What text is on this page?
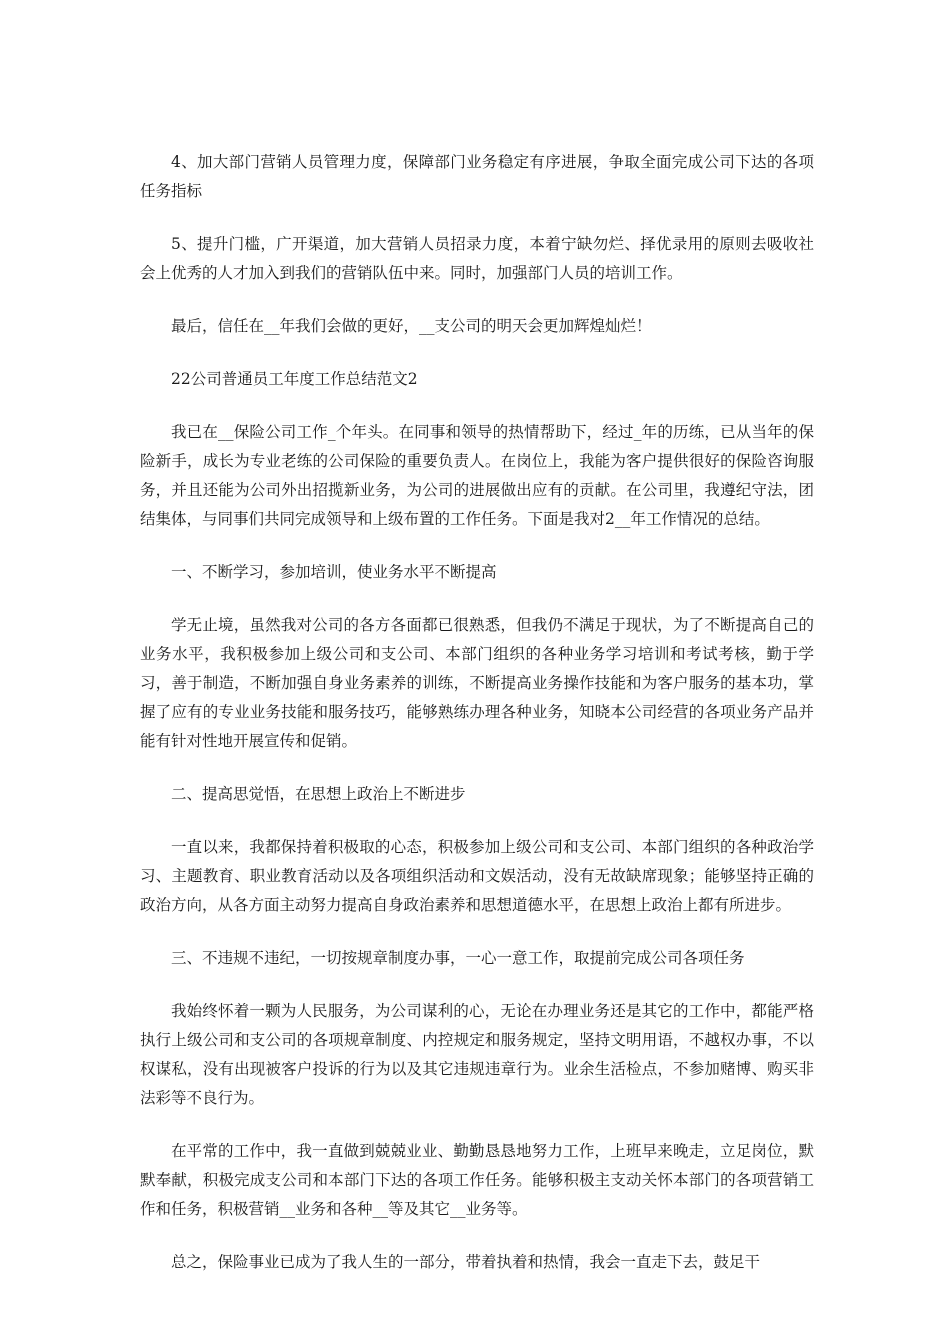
4、加大部门营销人员管理力度，保障部门业务稳定有序进展，争取全面完成公司下达的各项任务指标

5、提升门槛，广开渠道，加大营销人员招录力度，本着宁缺勿烂、择优录用的原则去吸收社会上优秀的人才加入到我们的营销队伍中来。同时，加强部门人员的培训工作。

最后，信任在__年我们会做的更好，__支公司的明天会更加辉煌灿烂！

22公司普通员工年度工作总结范文2

我已在__保险公司工作_个年头。在同事和领导的热情帮助下，经过_年的历练，已从当年的保险新手，成长为专业老练的公司保险的重要负责人。在岗位上，我能为客户提供很好的保险咨询服务，并且还能为公司外出招揽新业务，为公司的进展做出应有的贡献。在公司里，我遵纪守法，团结集体，与同事们共同完成领导和上级布置的工作任务。下面是我对2__年工作情况的总结。

一、不断学习，参加培训，使业务水平不断提高

学无止境，虽然我对公司的各方各面都已很熟悉，但我仍不满足于现状，为了不断提高自己的业务水平，我积极参加上级公司和支公司、本部门组织的各种业务学习培训和考试考核，勤于学习，善于制造，不断加强自身业务素养的训练，不断提高业务操作技能和为客户服务的基本功，掌握了应有的专业业务技能和服务技巧，能够熟练办理各种业务，知晓本公司经营的各项业务产品并能有针对性地开展宣传和促销。

二、提高思觉悟，在思想上政治上不断进步

一直以来，我都保持着积极取的心态，积极参加上级公司和支公司、本部门组织的各种政治学习、主题教育、职业教育活动以及各项组织活动和文娱活动，没有无故缺席现象；能够坚持正确的政治方向，从各方面主动努力提高自身政治素养和思想道德水平，在思想上政治上都有所进步。

三、不违规不违纪，一切按规章制度办事，一心一意工作，取提前完成公司各项任务

我始终怀着一颗为人民服务，为公司谋利的心，无论在办理业务还是其它的工作中，都能严格执行上级公司和支公司的各项规章制度、内控规定和服务规定，坚持文明用语，不越权办事，不以权谋私，没有出现被客户投诉的行为以及其它违规违章行为。业余生活检点，不参加赌博、购买非法彩等不良行为。

在平常的工作中，我一直做到兢兢业业、勤勤恳恳地努力工作，上班早来晚走，立足岗位，默默奉献，积极完成支公司和本部门下达的各项工作任务。能够积极主支动关怀本部门的各项营销工作和任务，积极营销__业务和各种__等及其它__业务等。

总之，保险事业已成为了我人生的一部分，带着执着和热情，我会一直走下去，鼓足干
